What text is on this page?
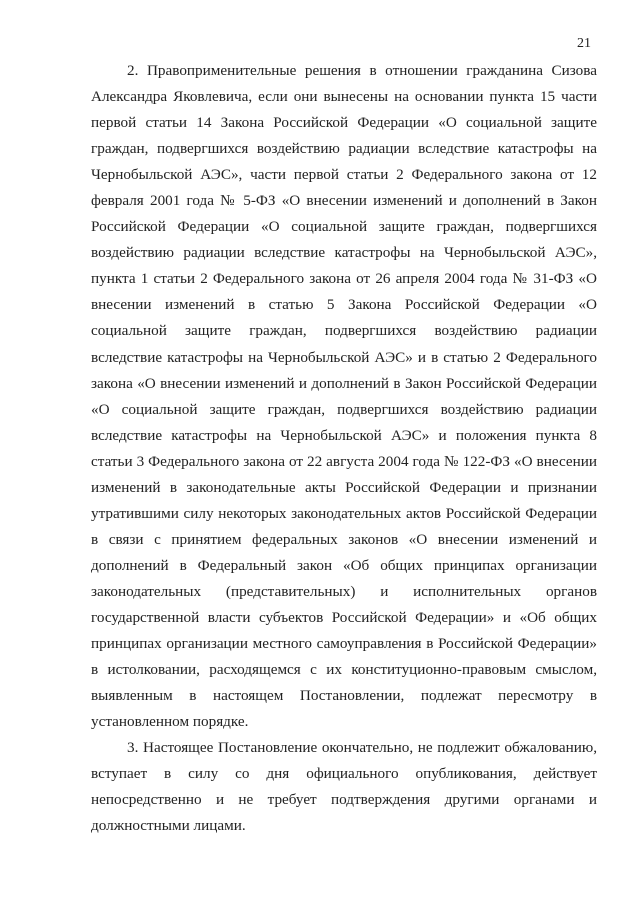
21
2. Правоприменительные решения в отношении гражданина Сизова
Александра Яковлевича, если они вынесены на основании пункта 15 части
первой статьи 14 Закона Российской Федерации «О социальной защите
граждан, подвергшихся воздействию радиации вследствие катастрофы на
Чернобыльской АЭС», части первой статьи 2 Федерального закона от 12
февраля 2001 года № 5-ФЗ «О внесении изменений и дополнений в Закон
Российской Федерации «О социальной защите граждан, подвергшихся
воздействию радиации вследствие катастрофы на Чернобыльской АЭС»,
пункта 1 статьи 2 Федерального закона от 26 апреля 2004 года № 31-ФЗ «О
внесении изменений в статью 5 Закона Российской Федерации «О
социальной защите граждан, подвергшихся воздействию радиации
вследствие катастрофы на Чернобыльской АЭС» и в статью 2 Федерального
закона «О внесении изменений и дополнений в Закон Российской Федерации
«О социальной защите граждан, подвергшихся воздействию радиации
вследствие катастрофы на Чернобыльской АЭС» и положения пункта 8
статьи 3 Федерального закона от 22 августа 2004 года № 122-ФЗ «О внесении
изменений в законодательные акты Российской Федерации и признании
утратившими силу некоторых законодательных актов Российской Федерации
в связи с принятием федеральных законов «О внесении изменений и
дополнений в Федеральный закон «Об общих принципах организации
законодательных (представительных) и исполнительных органов
государственной власти субъектов Российской Федерации» и «Об общих
принципах организации местного самоуправления в Российской Федерации»
в истолковании, расходящемся с их конституционно-правовым смыслом,
выявленным в настоящем Постановлении, подлежат пересмотру в
установленном порядке.
3. Настоящее Постановление окончательно, не подлежит обжалованию,
вступает в силу со дня официального опубликования, действует
непосредственно и не требует подтверждения другими органами и
должностными лицами.
